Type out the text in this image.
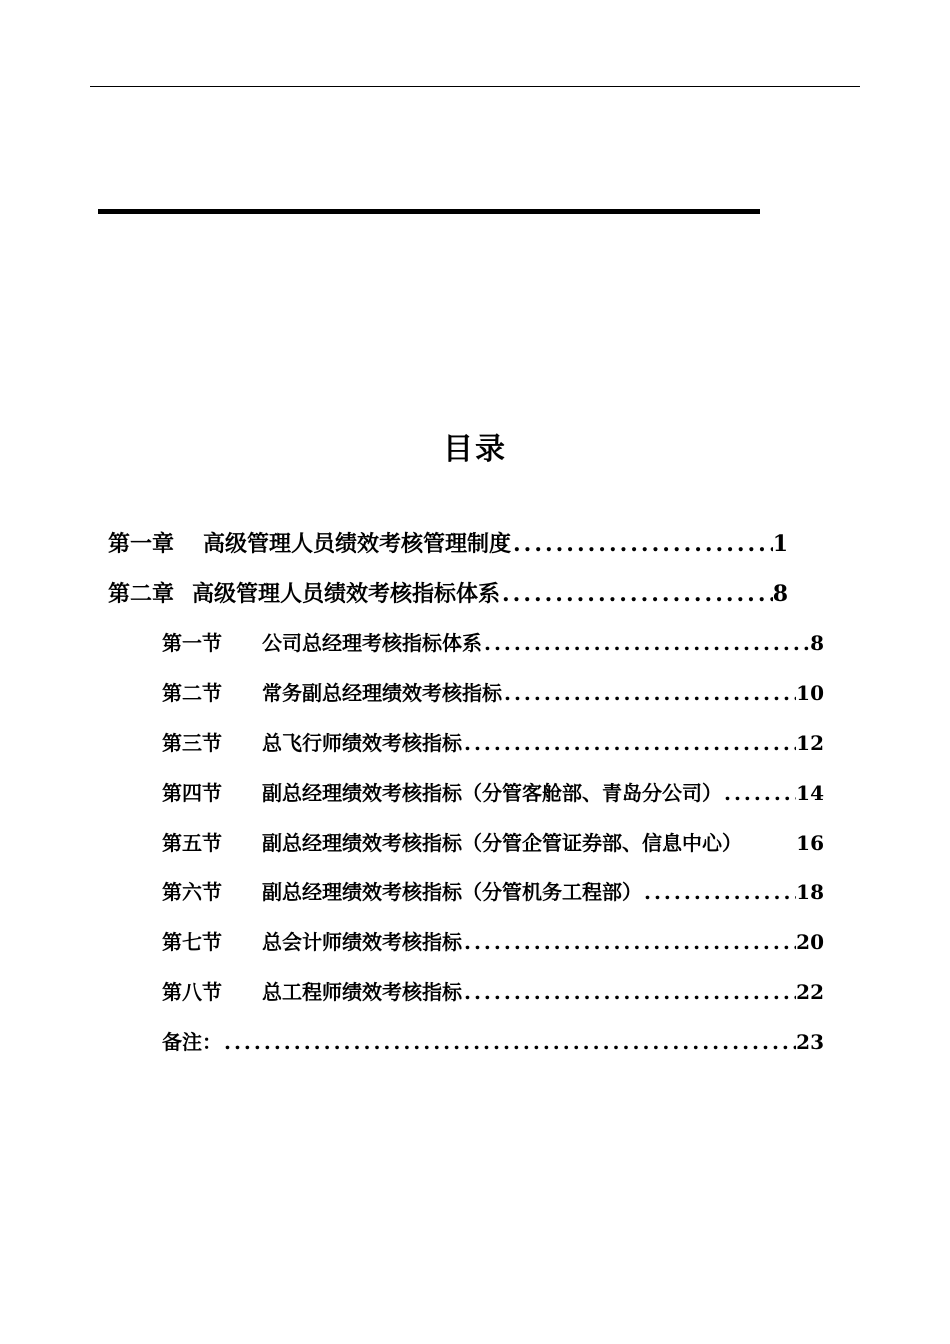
目录
第一章	高级管理人员绩效考核管理制度 .....	1
第二章 高级管理人员绩效考核指标体系 .....	8
第一节	公司总经理考核指标体系 .....	8
第二节	常务副总经理绩效考核指标 .....	10
第三节	总飞行师绩效考核指标 .....	12
第四节	副总经理绩效考核指标（分管客舱部、青岛分公司） .....	14
第五节	副总经理绩效考核指标（分管企管证券部、信息中心）	16
第六节	副总经理绩效考核指标（分管机务工程部） .....	18
第七节	总会计师绩效考核指标 .....	20
第八节	总工程师绩效考核指标 .....	22
备注： .....	23
